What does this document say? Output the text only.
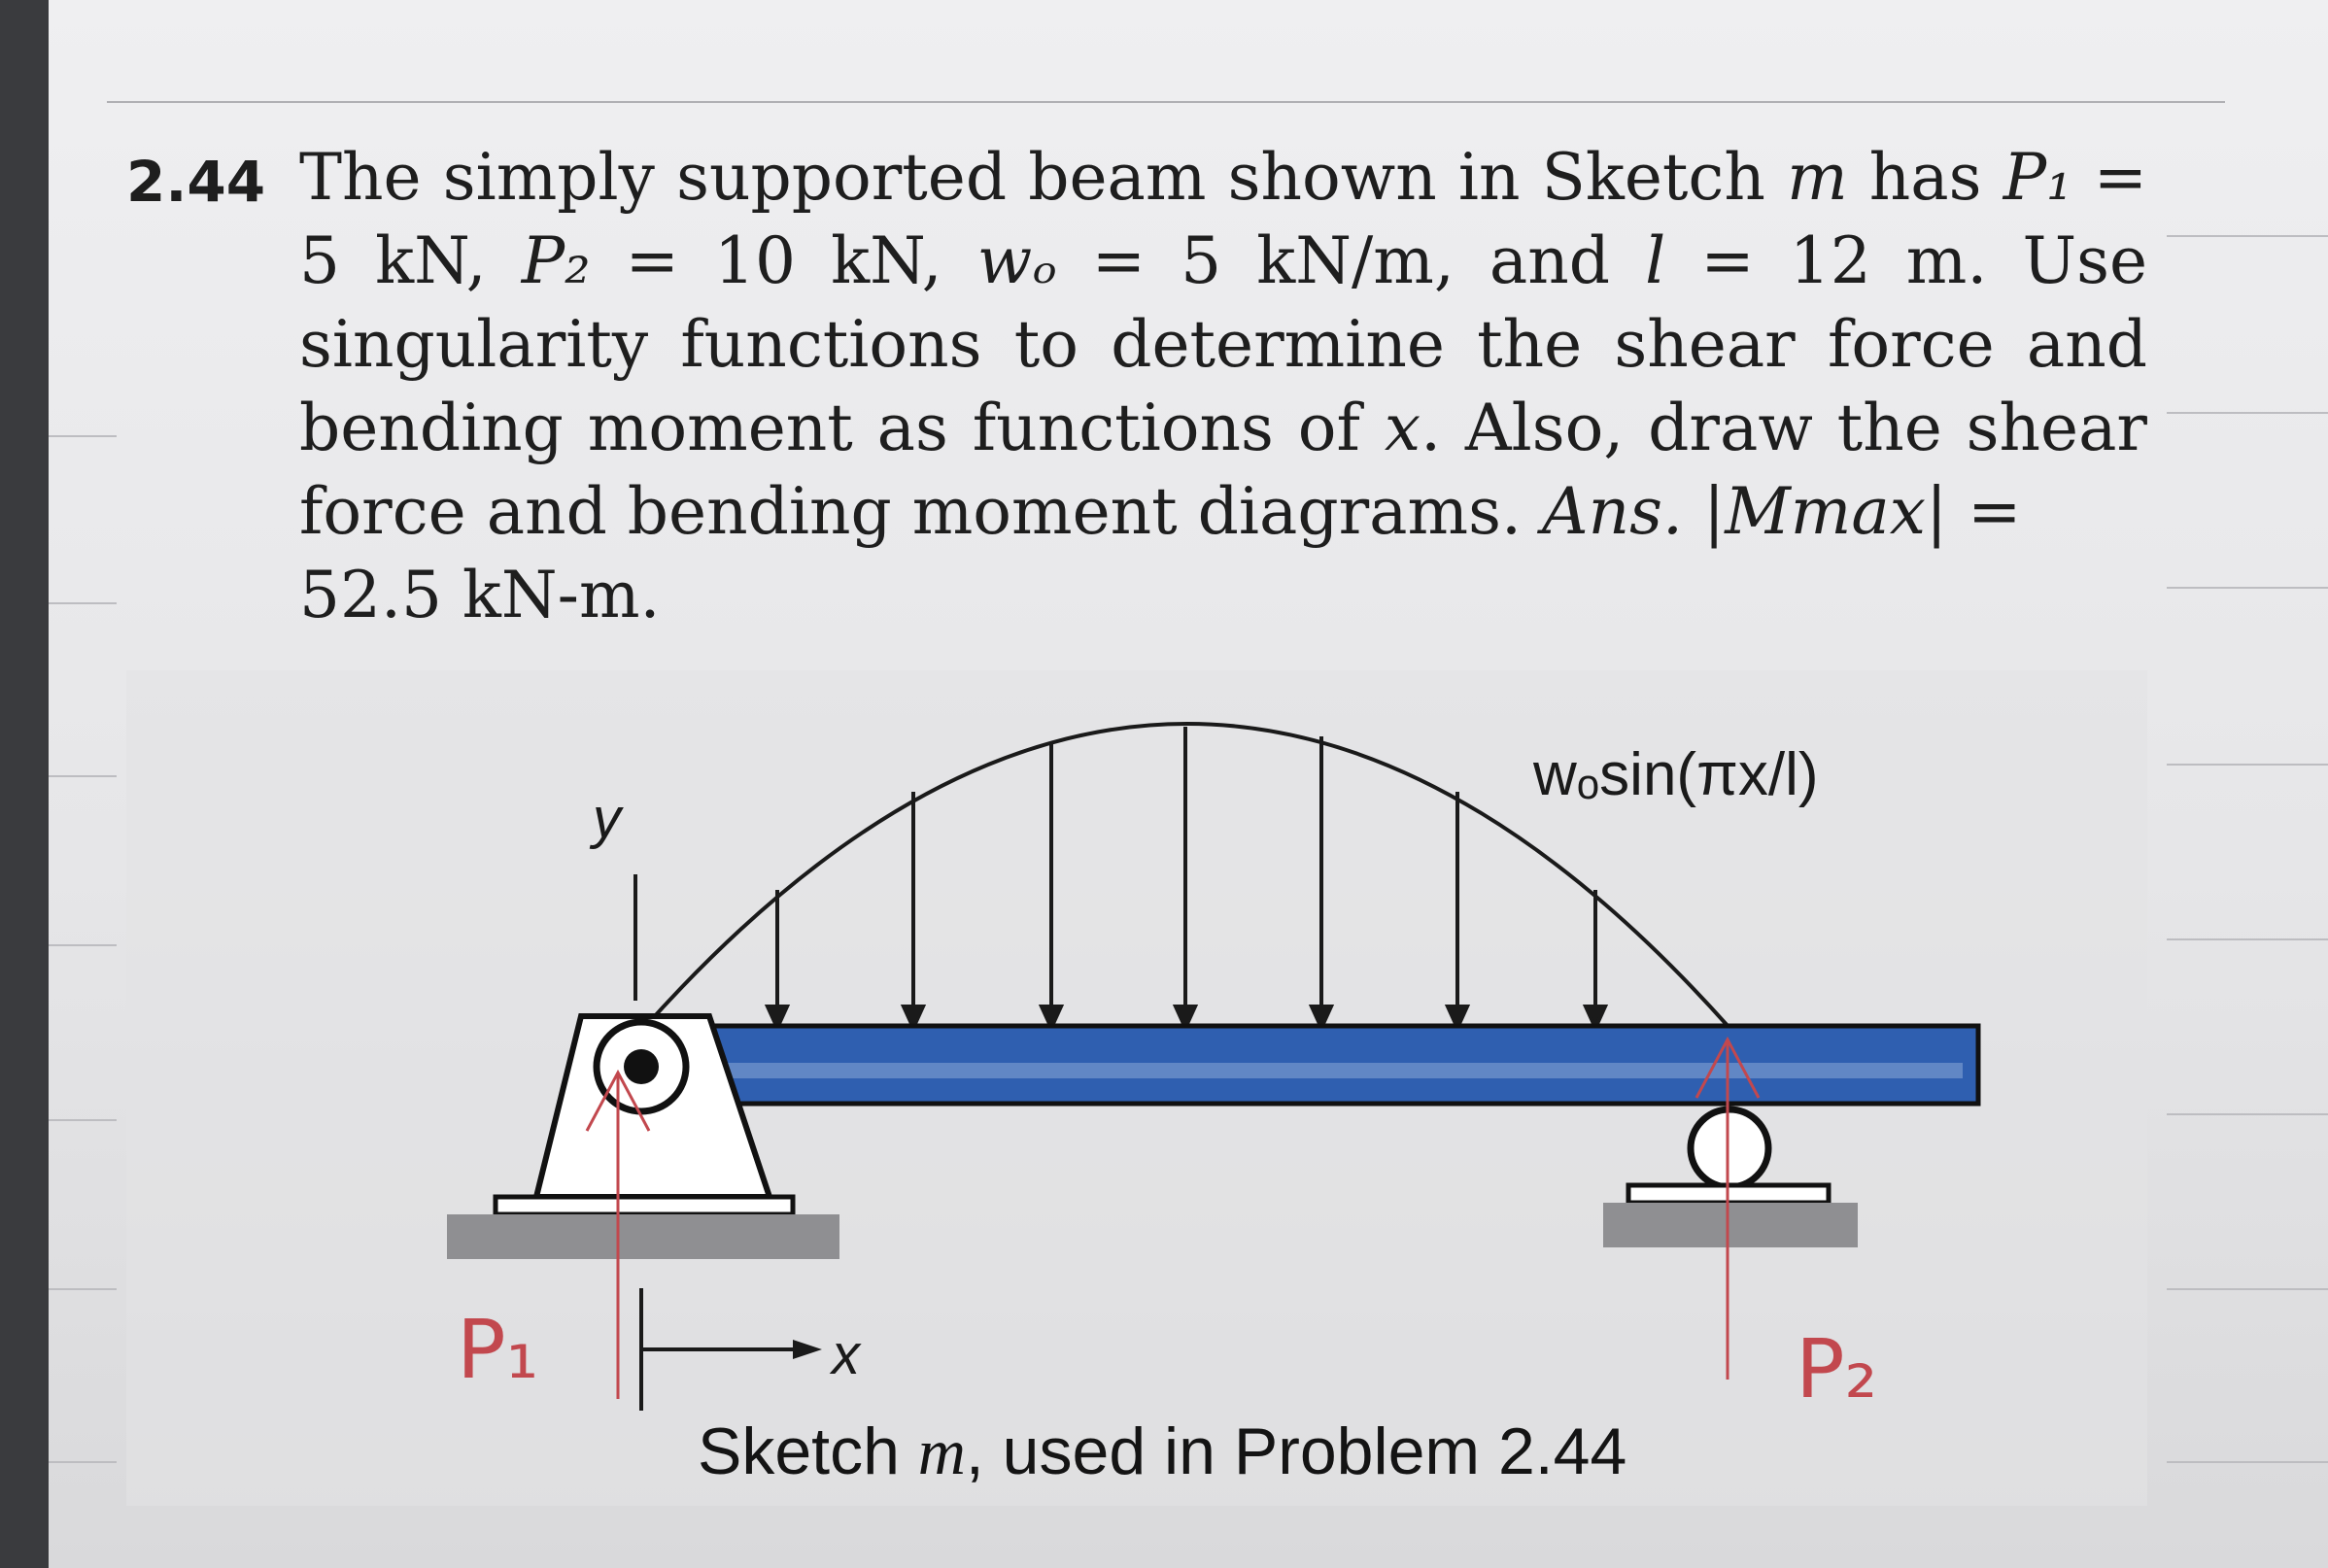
2.44 The simply supported beam shown in Sketch m has P₁ = 5 kN, P₂ = 10 kN, wₒ = 5 kN/m, and l = 12 m. Use singularity functions to determine the shear force and bending moment as functions of x. Also, draw the shear force and bending moment diagrams. Ans. |Mmax| =
52.5 kN-m.
y
x
wₒsin(πx/l)
P₁	P₂
Sketch m, used in Problem 2.44
